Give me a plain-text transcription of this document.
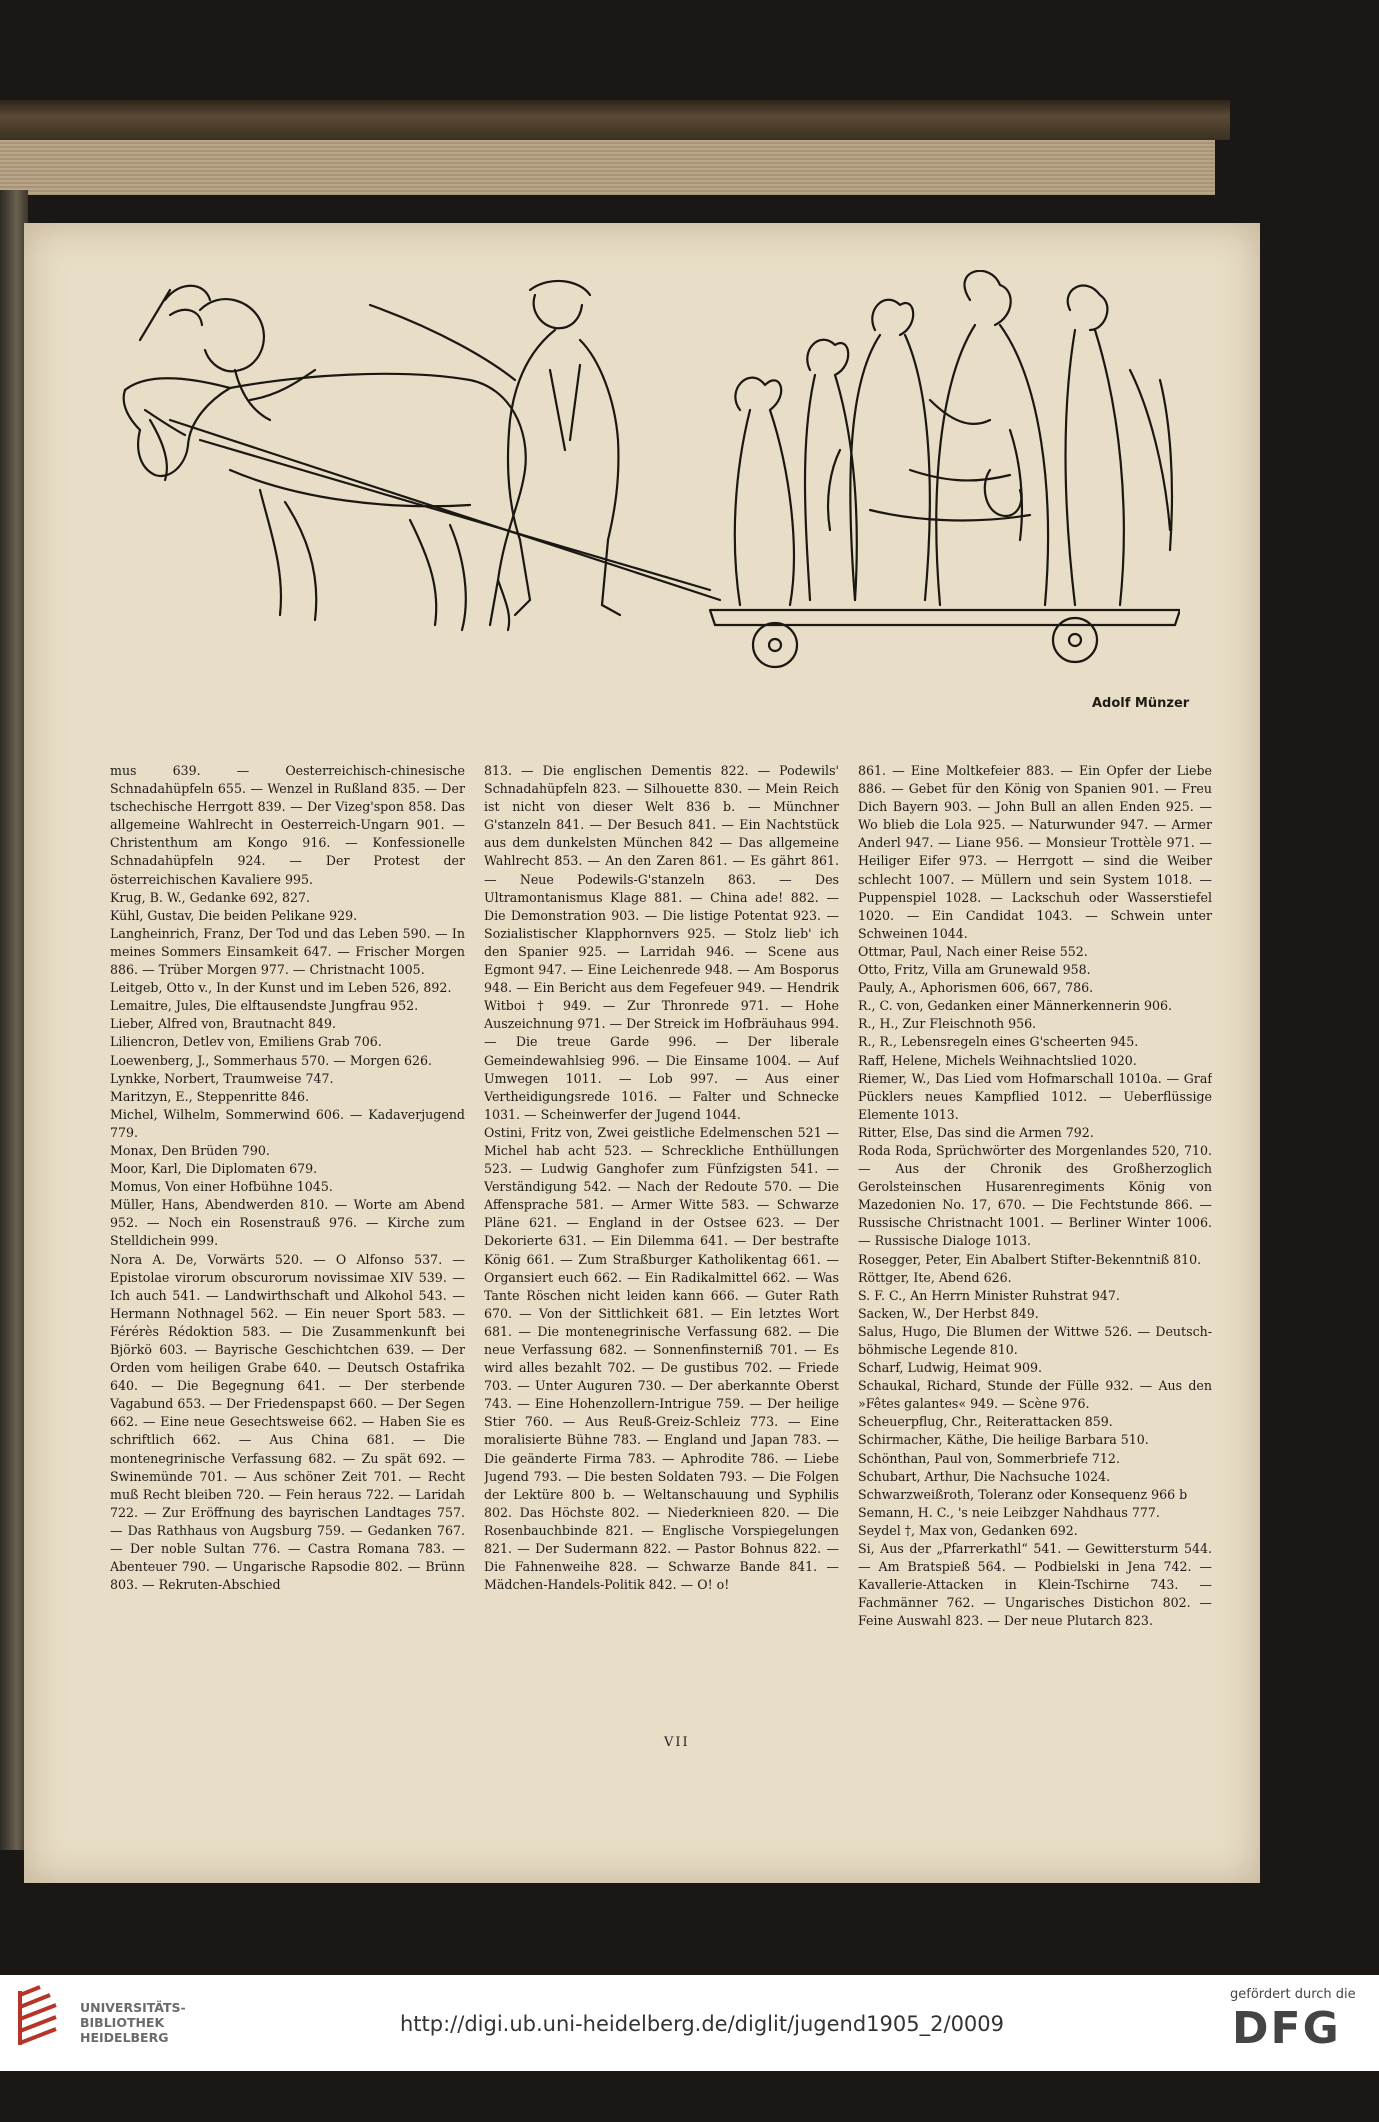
Adolf Münzer
mus 639. — Oesterreichisch-chinesische Schnadahüpfeln 655. — Wenzel in Rußland 835. — Der tschechische Herrgott 839. — Der Vizeg'spon 858. Das allgemeine Wahlrecht in Oesterreich-Ungarn 901. — Christenthum am Kongo 916. — Konfessionelle Schnadahüpfeln 924. — Der Protest der österreichischen Kavaliere 995.
Krug, B. W., Gedanke 692, 827.
Kühl, Gustav, Die beiden Pelikane 929.
Langheinrich, Franz, Der Tod und das Leben 590. — In meines Sommers Einsamkeit 647. — Frischer Morgen 886. — Trüber Morgen 977. — Christnacht 1005.
Leitgeb, Otto v., In der Kunst und im Leben 526, 892.
Lemaitre, Jules, Die elftausendste Jungfrau 952.
Lieber, Alfred von, Brautnacht 849.
Liliencron, Detlev von, Emiliens Grab 706.
Loewenberg, J., Sommerhaus 570. — Morgen 626.
Lynkke, Norbert, Traumweise 747.
Maritzyn, E., Steppenritte 846.
Michel, Wilhelm, Sommerwind 606. — Kadaverjugend 779.
Monax, Den Brüden 790.
Moor, Karl, Die Diplomaten 679.
Momus, Von einer Hofbühne 1045.
Müller, Hans, Abendwerden 810. — Worte am Abend 952. — Noch ein Rosenstrauß 976. — Kirche zum Stelldichein 999.
Nora A. De, Vorwärts 520. — O Alfonso 537. — Epistolae virorum obscurorum novissimae XIV 539. — Ich auch 541. — Landwirthschaft und Alkohol 543. — Hermann Nothnagel 562. — Ein neuer Sport 583. — Férérès Rédoktion 583. — Die Zusammenkunft bei Björkö 603. — Bayrische Geschichtchen 639. — Der Orden vom heiligen Grabe 640. — Deutsch Ostafrika 640. — Die Begegnung 641. — Der sterbende Vagabund 653. — Der Friedenspapst 660. — Der Segen 662. — Eine neue Gesechtsweise 662. — Haben Sie es schriftlich 662. — Aus China 681. — Die montenegrinische Verfassung 682. — Zu spät 692. — Swinemünde 701. — Aus schöner Zeit 701. — Recht muß Recht bleiben 720. — Fein heraus 722. — Laridah 722. — Zur Eröffnung des bayrischen Landtages 757. — Das Rathhaus von Augsburg 759. — Gedanken 767. — Der noble Sultan 776. — Castra Romana 783. — Abenteuer 790. — Ungarische Rapsodie 802. — Brünn 803. — Rekruten-Abschied
813. — Die englischen Dementis 822. — Podewils' Schnadahüpfeln 823. — Silhouette 830. — Mein Reich ist nicht von dieser Welt 836 b. — Münchner G'stanzeln 841. — Der Besuch 841. — Ein Nachtstück aus dem dunkelsten München 842 — Das allgemeine Wahlrecht 853. — An den Zaren 861. — Es gährt 861. — Neue Podewils-G'stanzeln 863. — Des Ultramontanismus Klage 881. — China ade! 882. — Die Demonstration 903. — Die listige Potentat 923. — Sozialistischer Klapphornvers 925. — Stolz lieb' ich den Spanier 925. — Larridah 946. — Scene aus Egmont 947. — Eine Leichenrede 948. — Am Bosporus 948. — Ein Bericht aus dem Fegefeuer 949. — Hendrik Witboi † 949. — Zur Thronrede 971. — Hohe Auszeichnung 971. — Der Streick im Hofbräuhaus 994. — Die treue Garde 996. — Der liberale Gemeindewahlsieg 996. — Die Einsame 1004. — Auf Umwegen 1011. — Lob 997. — Aus einer Vertheidigungsrede 1016. — Falter und Schnecke 1031. — Scheinwerfer der Jugend 1044.
Ostini, Fritz von, Zwei geistliche Edelmenschen 521 — Michel hab acht 523. — Schreckliche Enthüllungen 523. — Ludwig Ganghofer zum Fünfzigsten 541. — Verständigung 542. — Nach der Redoute 570. — Die Affensprache 581. — Armer Witte 583. — Schwarze Pläne 621. — England in der Ostsee 623. — Der Dekorierte 631. — Ein Dilemma 641. — Der bestrafte König 661. — Zum Straßburger Katholikentag 661. — Organsiert euch 662. — Ein Radikalmittel 662. — Was Tante Röschen nicht leiden kann 666. — Guter Rath 670. — Von der Sittlichkeit 681. — Ein letztes Wort 681. — Die montenegrinische Verfassung 682. — Die neue Verfassung 682. — Sonnenfinsterniß 701. — Es wird alles bezahlt 702. — De gustibus 702. — Friede 703. — Unter Auguren 730. — Der aberkannte Oberst 743. — Eine Hohenzollern-Intrigue 759. — Der heilige Stier 760. — Aus Reuß-Greiz-Schleiz 773. — Eine moralisierte Bühne 783. — England und Japan 783. — Die geänderte Firma 783. — Aphrodite 786. — Liebe Jugend 793. — Die besten Soldaten 793. — Die Folgen der Lektüre 800 b. — Weltanschauung und Syphilis 802. Das Höchste 802. — Niederknieen 820. — Die Rosenbauchbinde 821. — Englische Vorspiegelungen 821. — Der Sudermann 822. — Pastor Bohnus 822. — Die Fahnenweihe 828. — Schwarze Bande 841. — Mädchen-Handels-Politik 842. — O! o!
861. — Eine Moltkefeier 883. — Ein Opfer der Liebe 886. — Gebet für den König von Spanien 901. — Freu Dich Bayern 903. — John Bull an allen Enden 925. — Wo blieb die Lola 925. — Naturwunder 947. — Armer Anderl 947. — Liane 956. — Monsieur Trottèle 971. — Heiliger Eifer 973. — Herrgott — sind die Weiber schlecht 1007. — Müllern und sein System 1018. — Puppenspiel 1028. — Lackschuh oder Wasserstiefel 1020. — Ein Candidat 1043. — Schwein unter Schweinen 1044.
Ottmar, Paul, Nach einer Reise 552.
Otto, Fritz, Villa am Grunewald 958.
Pauly, A., Aphorismen 606, 667, 786.
R., C. von, Gedanken einer Männerkennerin 906.
R., H., Zur Fleischnoth 956.
R., R., Lebensregeln eines G'scheerten 945.
Raff, Helene, Michels Weihnachtslied 1020.
Riemer, W., Das Lied vom Hofmarschall 1010a. — Graf Pücklers neues Kampflied 1012. — Ueberflüssige Elemente 1013.
Ritter, Else, Das sind die Armen 792.
Roda Roda, Sprüchwörter des Morgenlandes 520, 710. — Aus der Chronik des Großherzoglich Gerolsteinschen Husarenregiments König von Mazedonien No. 17, 670. — Die Fechtstunde 866. — Russische Christnacht 1001. — Berliner Winter 1006. — Russische Dialoge 1013.
Rosegger, Peter, Ein Abalbert Stifter-Bekenntniß 810.
Röttger, Ite, Abend 626.
S. F. C., An Herrn Minister Ruhstrat 947.
Sacken, W., Der Herbst 849.
Salus, Hugo, Die Blumen der Wittwe 526. — Deutsch-böhmische Legende 810.
Scharf, Ludwig, Heimat 909.
Schaukal, Richard, Stunde der Fülle 932. — Aus den »Fêtes galantes« 949. — Scène 976.
Scheuerpflug, Chr., Reiterattacken 859.
Schirmacher, Käthe, Die heilige Barbara 510.
Schönthan, Paul von, Sommerbriefe 712.
Schubart, Arthur, Die Nachsuche 1024.
Schwarzweißroth, Toleranz oder Konsequenz 966 b
Semann, H. C., 's neie Leibzger Nahdhaus 777.
Seydel †, Max von, Gedanken 692.
Si, Aus der „Pfarrerkathl“ 541. — Gewittersturm 544. — Am Bratspieß 564. — Podbielski in Jena 742. — Kavallerie-Attacken in Klein-Tschirne 743. — Fachmänner 762. — Ungarisches Distichon 802. — Feine Auswahl 823. — Der neue Plutarch 823.
VII
UNIVERSITÄTS-
BIBLIOTHEK
HEIDELBERG
http://digi.ub.uni-heidelberg.de/diglit/jugend1905_2/0009
gefördert durch die
DFG
